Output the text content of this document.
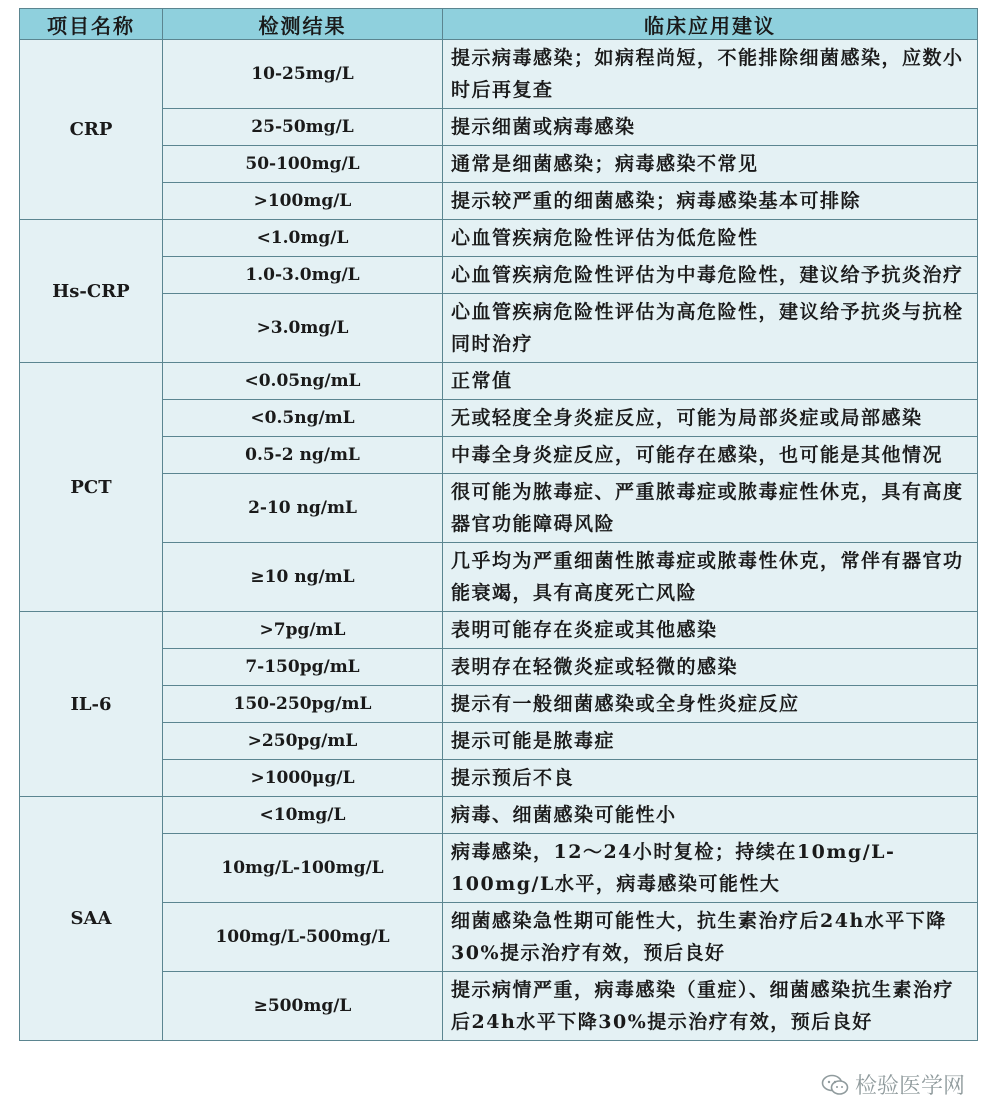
项目名称	检测结果	临床应用建议
CRP	10-25mg/L	提示病毒感染；如病程尚短，不能排除细菌感染，应数小时后再复查
	25-50mg/L	提示细菌或病毒感染
	50-100mg/L	通常是细菌感染；病毒感染不常见
	>100mg/L	提示较严重的细菌感染；病毒感染基本可排除
Hs-CRP	<1.0mg/L	心血管疾病危险性评估为低危险性
	1.0-3.0mg/L	心血管疾病危险性评估为中毒危险性，建议给予抗炎治疗
	>3.0mg/L	心血管疾病危险性评估为高危险性，建议给予抗炎与抗栓同时治疗
PCT	<0.05ng/mL	正常值
	<0.5ng/mL	无或轻度全身炎症反应，可能为局部炎症或局部感染
	0.5-2 ng/mL	中毒全身炎症反应，可能存在感染，也可能是其他情况
	2-10 ng/mL	很可能为脓毒症、严重脓毒症或脓毒症性休克，具有高度器官功能障碍风险
	≥10 ng/mL	几乎均为严重细菌性脓毒症或脓毒性休克，常伴有器官功能衰竭，具有高度死亡风险
IL-6	>7pg/mL	表明可能存在炎症或其他感染
	7-150pg/mL	表明存在轻微炎症或轻微的感染
	150-250pg/mL	提示有一般细菌感染或全身性炎症反应
	>250pg/mL	提示可能是脓毒症
	>1000μg/L	提示预后不良
SAA	<10mg/L	病毒、细菌感染可能性小
	10mg/L-100mg/L	病毒感染，12～24小时复检；持续在10mg/L-100mg/L水平，病毒感染可能性大
	100mg/L-500mg/L	细菌感染急性期可能性大，抗生素治疗后24h水平下降30%提示治疗有效，预后良好
	≥500mg/L	提示病情严重，病毒感染（重症）、细菌感染抗生素治疗后24h水平下降30%提示治疗有效，预后良好
检验医学网
